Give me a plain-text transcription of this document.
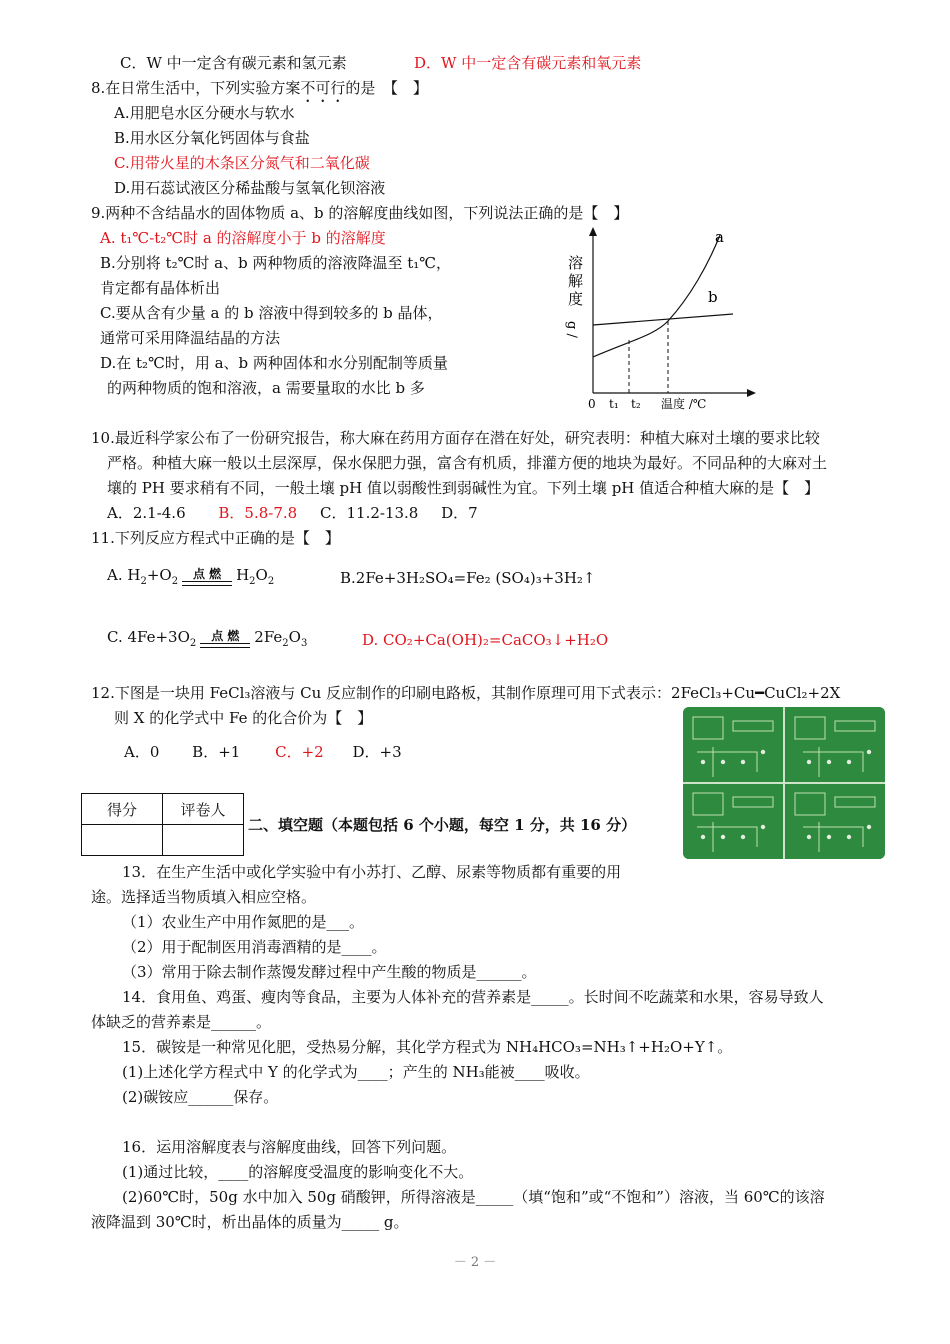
C．W 中一定含有碳元素和氢元素	D．W 中一定含有碳元素和氧元素
8.在日常生活中，下列实验方案不可行的是　【　】
A.用肥皂水区分硬水与软水
B.用水区分氧化钙固体与食盐
C.用带火星的木条区分氮气和二氧化碳
D.用石蕊试液区分稀盐酸与氢氧化钡溶液
9.两种不含结晶水的固体物质 a、b 的溶解度曲线如图，下列说法正确的是【　】
A. t₁℃-t₂℃时 a 的溶解度小于 b 的溶解度
B.分别将 t₂℃时 a、b 两种物质的溶液降温至 t₁℃，
肯定都有晶体析出
C.要从含有少量 a 的 b 溶液中得到较多的 b 晶体，
通常可采用降温结晶的方法
D.在 t₂℃时，用 a、b 两种固体和水分别配制等质量
的两种物质的饱和溶液，a 需要量取的水比 b 多
溶
解
度
g /
a
b
0 t₁ t₂ 温度 /℃
10.最近科学家公布了一份研究报告，称大麻在药用方面存在潜在好处，研究表明：种植大麻对土壤的要求比较
严格。种植大麻一般以土层深厚，保水保肥力强，富含有机质，排灌方便的地块为最好。不同品种的大麻对土
壤的 PH 要求稍有不同，一般土壤 pH 值以弱酸性到弱碱性为宜。下列土壤 pH 值适合种植大麻的是【　】
A．2.1-4.6 B．5.8-7.8 C．11.2-13.8 D．7
11.下列反应方程式中正确的是【　】
A. $H_2+O_2$
点 燃 $H_2O_2$	B.2Fe+3H₂SO₄=Fe₂ (SO₄)₃+3H₂↑
C. $4Fe+3O_2$
点 燃 $2Fe_2O_3$	D. CO₂+Ca(OH)₂=CaCO₃↓+H₂O
12.下图是一块用 FeCl₃溶液与 Cu 反应制作的印刷电路板，其制作原理可用下式表示：2FeCl₃+Cu━CuCl₂+2X
则 X 的化学式中 Fe 的化合价为【　】
A．0 B．+1 C．+2 D．+3
得分	评卷人

二、填空题（本题包括 6 个小题，每空 1 分，共 16 分）
13．在生产生活中或化学实验中有小苏打、乙醇、尿素等物质都有重要的用
途。选择适当物质填入相应空格。
（1）农业生产中用作氮肥的是___。
（2）用于配制医用消毒酒精的是____。
（3）常用于除去制作蒸馒发酵过程中产生酸的物质是______。
14．食用鱼、鸡蛋、瘦肉等食品，主要为人体补充的营养素是_____。长时间不吃蔬菜和水果，容易导致人
体缺乏的营养素是______。
15．碳铵是一种常见化肥，受热易分解，其化学方程式为 NH₄HCO₃=NH₃↑+H₂O+Y↑。
(1)上述化学方程式中 Y 的化学式为____；产生的 NH₃能被____吸收。
(2)碳铵应______保存。
16．运用溶解度表与溶解度曲线，回答下列问题。
(1)通过比较，____的溶解度受温度的影响变化不大。
(2)60℃时，50g 水中加入 50g 硝酸钾，所得溶液是_____（填“饱和”或“不饱和”）溶液，当 60℃的该溶
液降温到 30℃时，析出晶体的质量为_____ g。
－ 2 －
